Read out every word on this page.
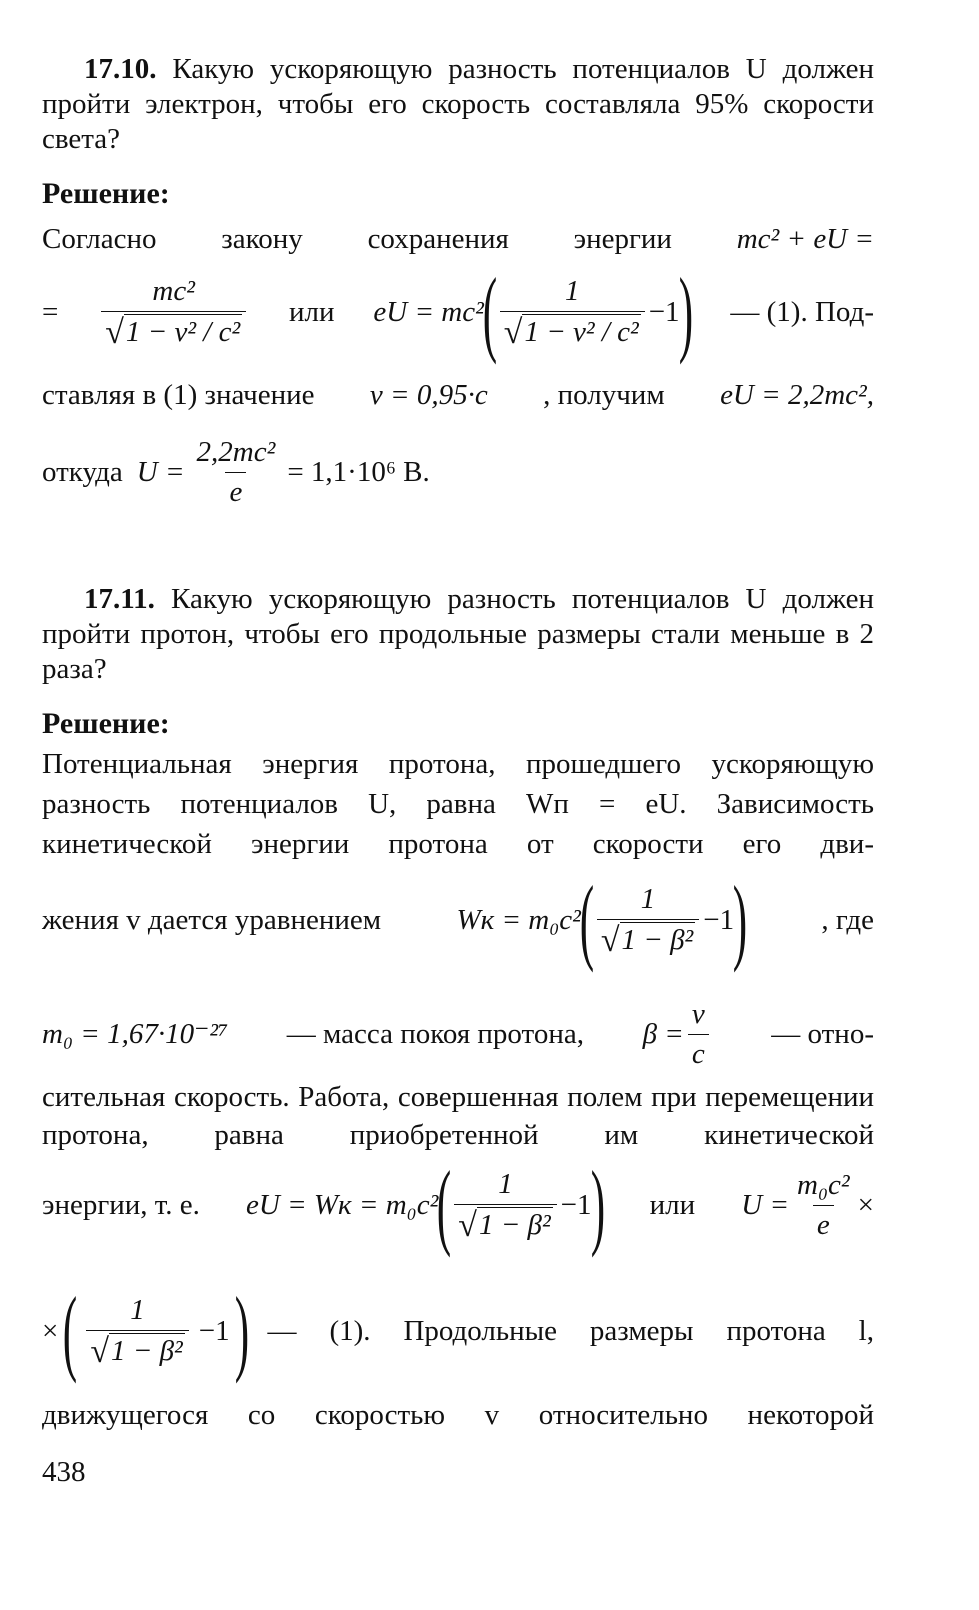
17.10. Какую ускоряющую разность потенциалов U должен пройти электрон, чтобы его скорость составляла 95% скорости света?

Решение:

Согласно закону сохранения энергии mc² + eU =
= $\frac{\text{mc²}}{\text{√ 1 − v² / c²}}$ или eU = mc²
( $\frac{1}{\text{√ 1 − v² / c²}} -1$
) — (1). Под-
ставляя в (1) значение v = 0,95·c , получим eU = 2,2mc²,
откуда $U = \frac{\text{2,2mc²}}{e} = 1,1\cdot 10^6$ В.

17.11. Какую ускоряющую разность потенциалов U должен пройти протон, чтобы его продольные размеры стали меньше в 2 раза?

Решение:

Потенциальная энергия протона, прошедшего ускоряющую разность потенциалов U, равна Wп = eU. Зависимость кинетической энергии протона от скорости его дви-

жения v дается уравнением	Wк = m₀c²
( $\frac{1}{\text{√ 1 − β²}} -1$
)	, где
m₀ = 1,67·10⁻²⁷ — масса покоя протона, $\beta = \frac{v}{c}$ — отно-

сительная скорость. Работа, совершенная полем при перемещении протона, равна приобретенной им кинетической

энергии, т. е. eU = Wк = m₀c²
( $\frac{1}{\text{√ 1 − β²}} -1$
) или $U = \frac{\text{m₀c²}}{e}$ ×
× ( $\frac{1}{\text{√ 1 − β²}} -1$ ) — (1). Продольные размеры протона l,

движущегося со скоростью v относительно некоторой

438
